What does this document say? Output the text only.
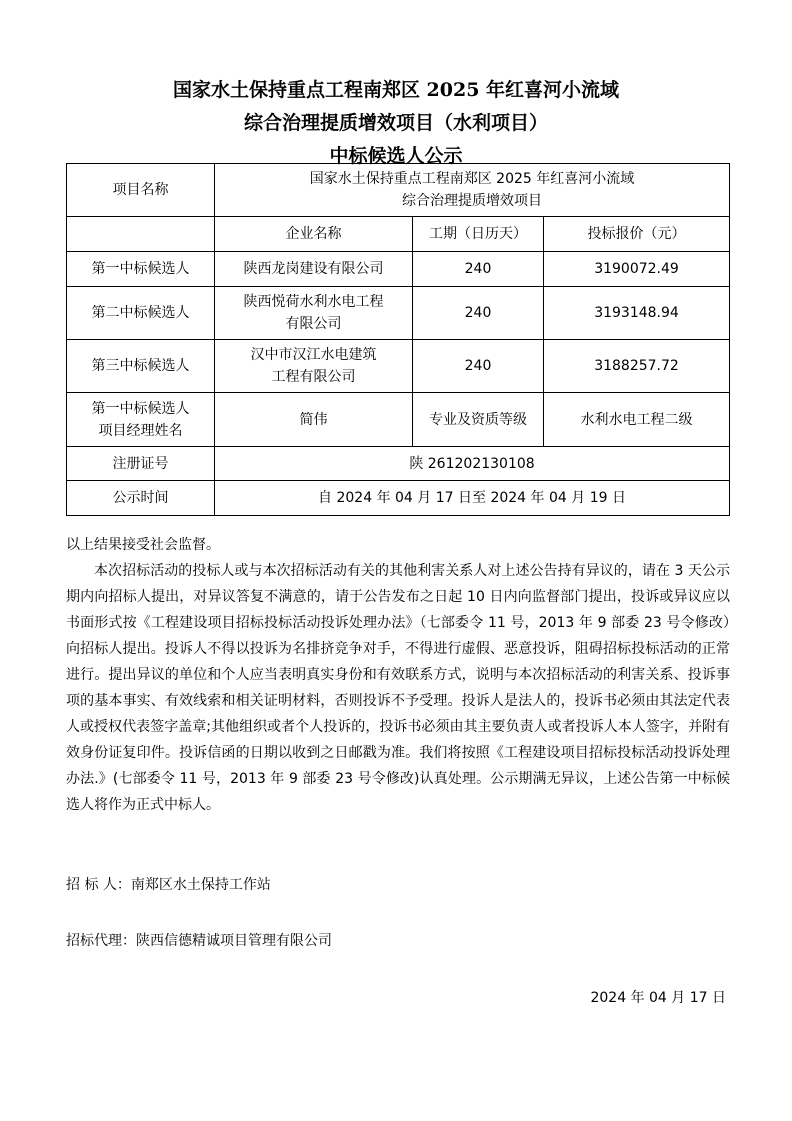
国家水土保持重点工程南郑区 2025 年红喜河小流域
综合治理提质增效项目（水利项目）
中标候选人公示
项目名称	国家水土保持重点工程南郑区 2025 年红喜河小流域
综合治理提质增效项目		

	企业名称	工期（日历天）	投标报价（元）
第一中标候选人	陕西龙岗建设有限公司	240	3190072.49
第二中标候选人	陕西悦荷水利水电工程
有限公司	240	3193148.94
第三中标候选人	汉中市汉江水电建筑
工程有限公司	240	3188257.72

第一中标候选人
项目经理姓名	简伟	专业及资质等级	水利水电工程二级
注册证号	陕 261202130108		
公示时间	自 2024 年 04 月 17 日至 2024 年 04 月 19 日		

以上结果接受社会监督。

本次招标活动的投标人或与本次招标活动有关的其他利害关系人对上述公告持有异议的，请在 3 天公示期内向招标人提出，对异议答复不满意的，请于公告发布之日起 10 日内向监督部门提出，投诉或异议应以书面形式按《工程建设项目招标投标活动投诉处理办法》（七部委令 11 号，2013 年 9 部委 23 号令修改）向招标人提出。投诉人不得以投诉为名排挤竞争对手，不得进行虚假、恶意投诉，阻碍招标投标活动的正常进行。提出异议的单位和个人应当表明真实身份和有效联系方式，说明与本次招标活动的利害关系、投诉事项的基本事实、有效线索和相关证明材料，否则投诉不予受理。投诉人是法人的，投诉书必须由其法定代表人或授权代表签字盖章;其他组织或者个人投诉的，投诉书必须由其主要负责人或者投诉人本人签字，并附有效身份证复印件。投诉信函的日期以收到之日邮戳为准。我们将按照《工程建设项目招标投标活动投诉处理办法.》(七部委令 11 号，2013 年 9 部委 23 号令修改)认真处理。公示期满无异议，上述公告第一中标候选人将作为正式中标人。

招 标 人：南郑区水土保持工作站
招标代理：陕西信德精诚项目管理有限公司
2024 年 04 月 17 日
